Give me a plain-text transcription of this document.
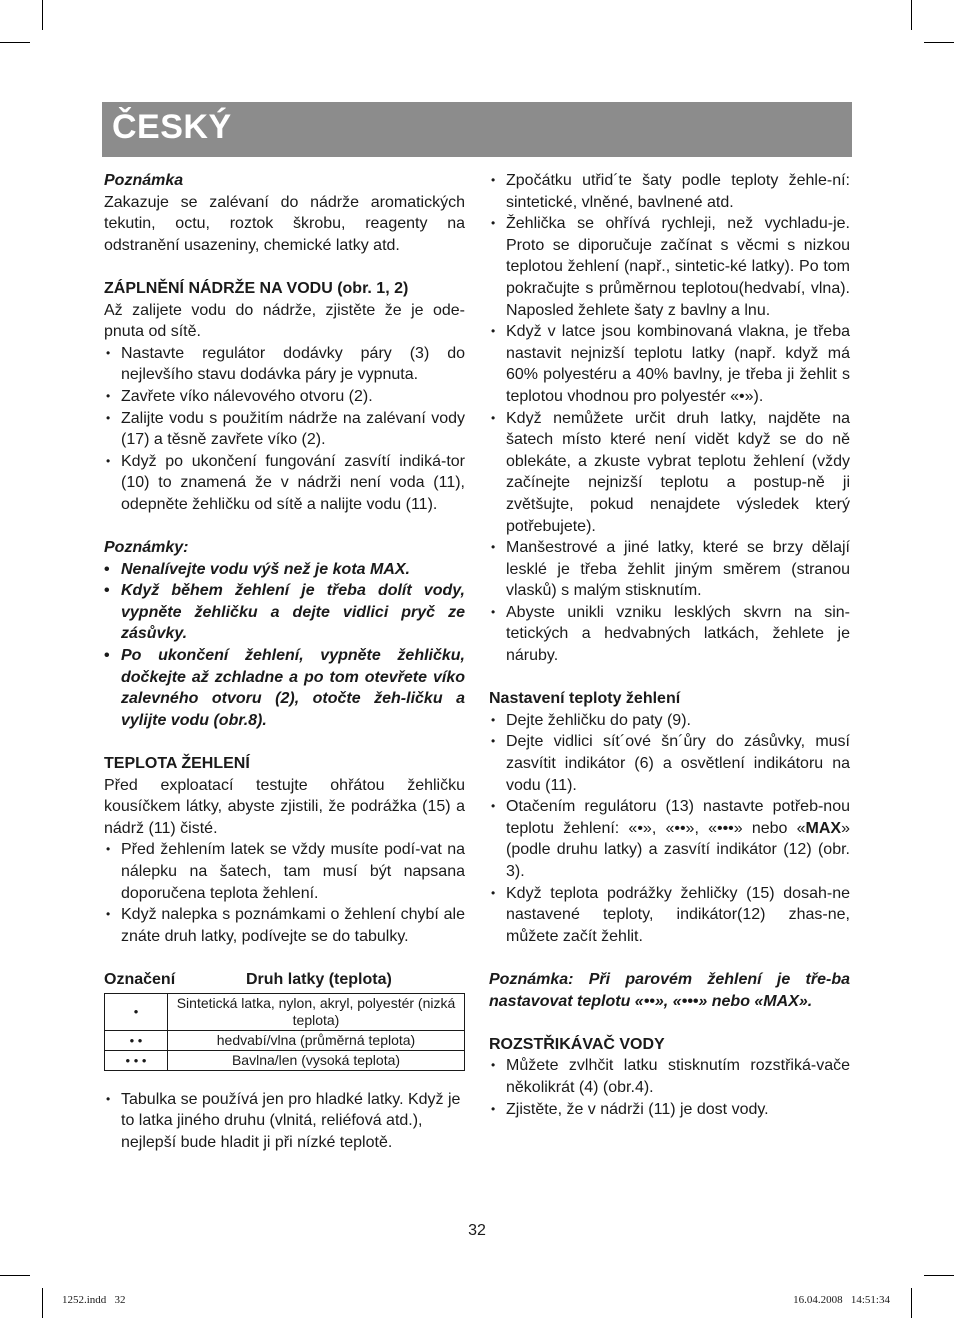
ČESKÝ

Poznámka

Zakazuje se zalévaní do nádrže aromatických tekutin, octu, roztok škrobu, reagenty na odstranění usazeniny, chemické latky atd.

ZÁPLNĚNÍ NÁDRŽE NA VODU (obr. 1, 2)

Až zalijete vodu do nádrže, zjistěte že je ode-pnuta od sítě.

• Nastavte regulátor dodávky páry (3) do nejlevšího stavu dodávka páry je vypnuta.
• Zavřete víko nálevového otvoru (2).
• Zalijte vodu s použitím nádrže na zalévaní vody (17) a těsně zavřete víko (2).
• Když po ukončení fungování zasvítí indiká-tor (10) to znamená že v nádrži není voda (11), odepněte žehličku od sítě a nalijte vodu (11).

Poznámky:

• Nenalívejte vodu výš než je kota MAX.
• Když během žehlení je třeba dolít vody, vypněte žehličku a dejte vidlici pryč ze zásůvky.
• Po ukončení žehlení, vypněte žehličku, dočkejte až zchladne a po tom otevřete víko zalevného otvoru (2), otočte žeh-ličku a vylijte vodu (obr.8).

TEPLOTA ŽEHLENÍ

Před exploatací testujte ohřátou žehličku kousíčkem látky, abyste zjistili, že podrážka (15) a nádrž (11) čisté.

• Před žehlením latek se vždy musíte podí-vat na nálepku na šatech, tam musí být napsana doporučena teplota žehlení.
• Když nalepka s poznámkami o žehlení chybí ale znáte druh latky, podívejte se do tabulky.
Označení	Druh latky (teplota)
•	Sintetická latka, nylon, akryl, polyestér (nizká teplota)
• •	hedvabí/vlna (průměrná teplota)
• • •	Bavlna/len (vysoká teplota)
• Tabulka se používá jen pro hladké latky. Když je to latka jiného druhu (vlnitá, reliéfová atd.), nejlepší bude hladit ji při nízké teplotě.
• Zpočátku utřid´te šaty podle teploty žehle-ní: sintetické, vlněné, bavlnené atd.
• Žehlička se ohřívá rychleji, než vychladu-je. Proto se diporučuje začínat s věcmi s nizkou teplotou žehlení (např., sintetic-ké latky). Po tom pokračujte s průměrnou teplotou(hedvabí, vlna). Naposled žehlete šaty z bavlny a lnu.
• Když v latce jsou kombinovaná vlakna, je třeba nastavit nejnizší teplotu latky (např. když má 60% polyestéru a 40% bavlny, je třeba ji žehlit s teplotou vhodnou pro polyestér «•»).
• Když nemůžete určit druh latky, najděte na šatech místo které není vidět když se do ně oblekáte, a zkuste vybrat teplotu žehlení (vždy začínejte nejnizší teplotu a postup-ně ji zvětšujte, pokud nenajdete výsledek který potřebujete).
• Manšestrové a jiné latky, které se brzy dělají lesklé je třeba žehlit jiným směrem (stranou vlasků) s malým stisknutím.
• Abyste unikli vzniku lesklých skvrn na sin-tetických a hedvabných latkách, žehlete je náruby.

Nastavení teploty žehlení

• Dejte žehličku do paty (9).
• Dejte vidlici sít´ové šn´ůry do zásůvky, musí zasvítit indikátor (6) a osvětlení indikátoru na vodu (11).
• Otačením regulátoru (13) nastavte potřeb-nou teplotu žehlení: «•», «••», «•••» nebo «MAX» (podle druhu latky) a zasvítí indikátor (12) (obr. 3).
• Když teplota podrážky žehličky (15) dosah-ne nastavené teploty, indikátor(12) zhas-ne, můžete začít žehlit.

Poznámka: Při parovém žehlení je tře-ba nastavovat teplotu «••», «•••» nebo «MAX».

ROZSTŘIKÁVAČ VODY

• Můžete zvlhčit latku stisknutím rozstřiká-vače několikrát (4) (obr.4).
• Zjistěte, že v nádrži (11) je dost vody.
32
1252.indd   32	16.04.2008   14:51:34
